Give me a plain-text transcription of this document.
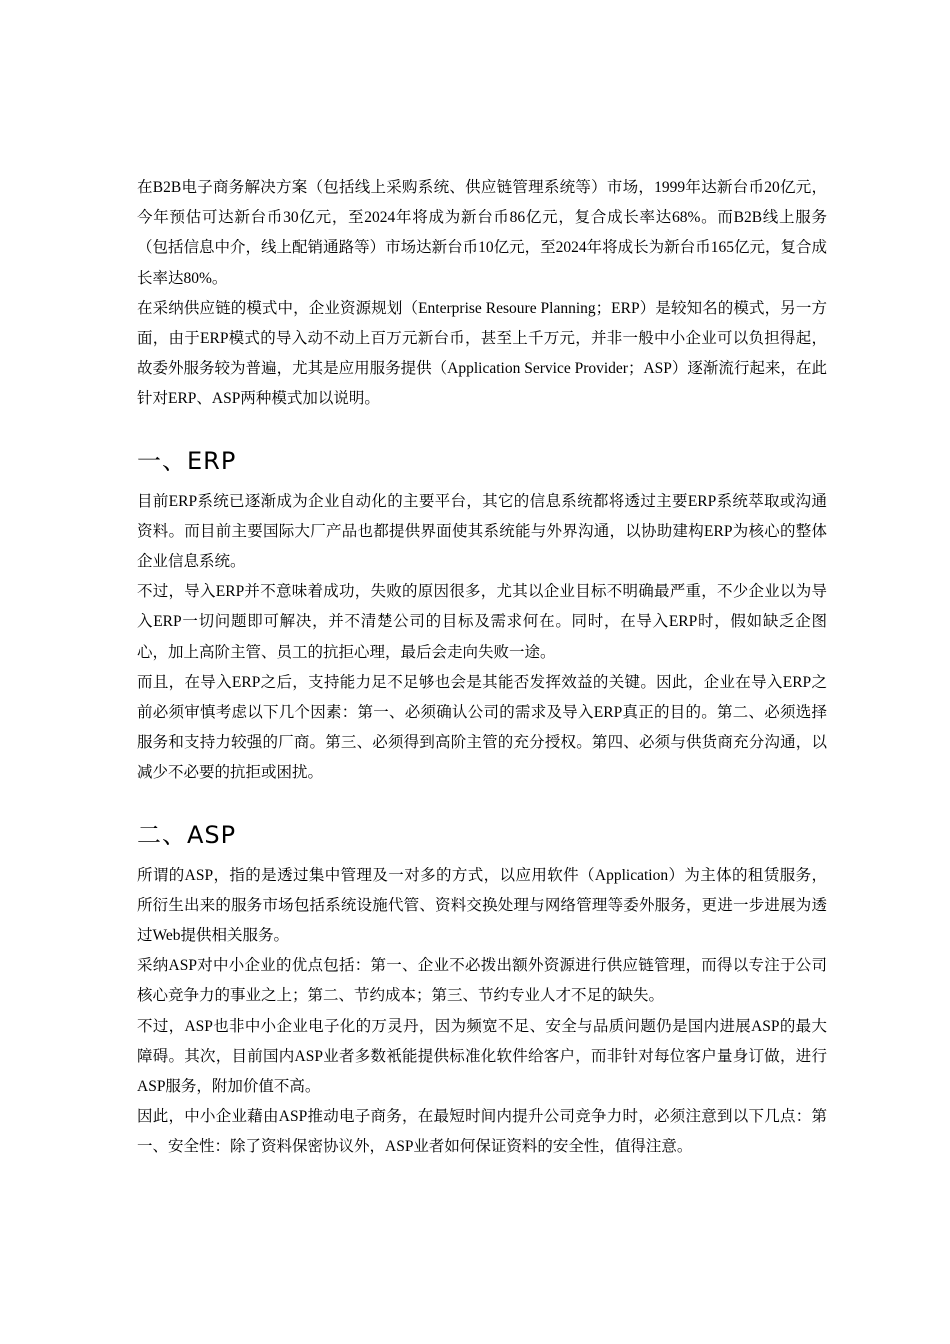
在B2B电子商务解决方案（包括线上采购系统、供应链管理系统等）市场，1999年达新台币20亿元，今年预估可达新台币30亿元，至2024年将成为新台币86亿元，复合成长率达68%。而B2B线上服务（包括信息中介，线上配销通路等）市场达新台币10亿元，至2024年将成长为新台币165亿元，复合成长率达80%。

在采纳供应链的模式中，企业资源规划（Enterprise Resoure Planning；ERP）是较知名的模式，另一方面，由于ERP模式的导入动不动上百万元新台币，甚至上千万元，并非一般中小企业可以负担得起，故委外服务较为普遍，尤其是应用服务提供（Application Service Provider；ASP）逐渐流行起来，在此针对ERP、ASP两种模式加以说明。

一、ERP

目前ERP系统已逐渐成为企业自动化的主要平台，其它的信息系统都将透过主要ERP系统萃取或沟通资料。而目前主要国际大厂产品也都提供界面使其系统能与外界沟通，以协助建构ERP为核心的整体企业信息系统。

不过，导入ERP并不意味着成功，失败的原因很多，尤其以企业目标不明确最严重，不少企业以为导入ERP一切问题即可解决，并不清楚公司的目标及需求何在。同时，在导入ERP时，假如缺乏企图心，加上高阶主管、员工的抗拒心理，最后会走向失败一途。

而且，在导入ERP之后，支持能力足不足够也会是其能否发挥效益的关键。因此，企业在导入ERP之前必须审慎考虑以下几个因素：第一、必须确认公司的需求及导入ERP真正的目的。第二、必须选择服务和支持力较强的厂商。第三、必须得到高阶主管的充分授权。第四、必须与供货商充分沟通，以减少不必要的抗拒或困扰。

二、ASP

所谓的ASP，指的是透过集中管理及一对多的方式，以应用软件（Application）为主体的租赁服务，所衍生出来的服务市场包括系统设施代管、资料交换处理与网络管理等委外服务，更进一步进展为透过Web提供相关服务。

采纳ASP对中小企业的优点包括：第一、企业不必拨出额外资源进行供应链管理，而得以专注于公司核心竞争力的事业之上；第二、节约成本；第三、节约专业人才不足的缺失。

不过，ASP也非中小企业电子化的万灵丹，因为频宽不足、安全与品质问题仍是国内进展ASP的最大障碍。其次，目前国内ASP业者多数衹能提供标准化软件给客户，而非针对每位客户量身订做，进行ASP服务，附加价值不高。

因此，中小企业藉由ASP推动电子商务，在最短时间内提升公司竞争力时，必须注意到以下几点：第一、安全性：除了资料保密协议外，ASP业者如何保证资料的安全性，值得注意。
